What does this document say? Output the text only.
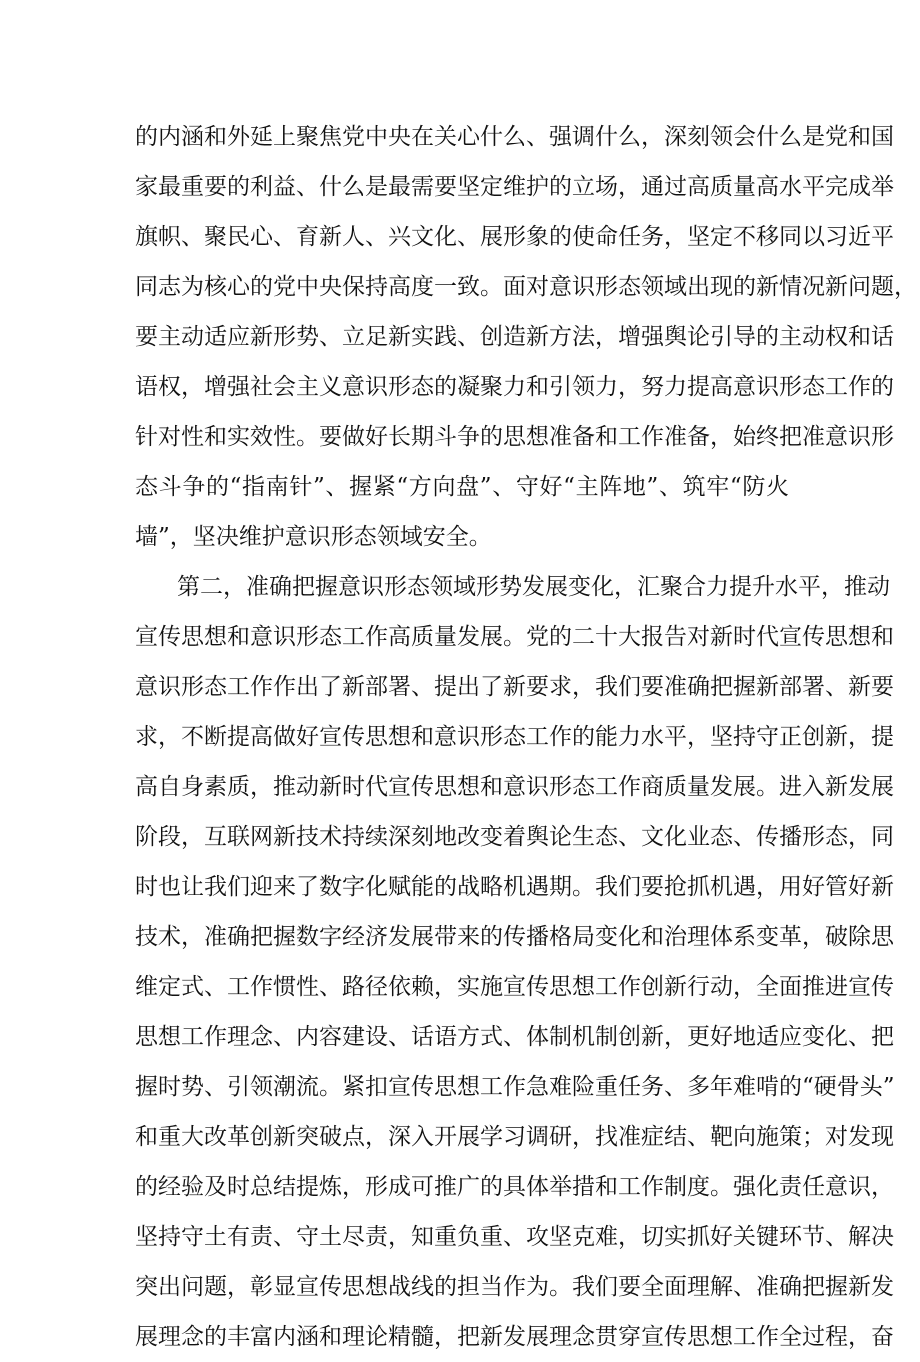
的内涵和外延上聚焦党中央在关心什么、强调什么，深刻领会什么是党和国
家最重要的利益、什么是最需要坚定维护的立场，通过高质量高水平完成举
旗帜、聚民心、育新人、兴文化、展形象的使命任务，坚定不移同以习近平
同志为核心的党中央保持高度一致。面对意识形态领域出现的新情况新问题，
要主动适应新形势、立足新实践、创造新方法，增强舆论引导的主动权和话
语权，增强社会主义意识形态的凝聚力和引领力，努力提高意识形态工作的
针对性和实效性。要做好长期斗争的思想准备和工作准备，始终把准意识形
态斗争的“指南针”、握紧“方向盘”、守好“主阵地”、筑牢“防火
墙”，坚决维护意识形态领域安全。
第二，准确把握意识形态领域形势发展变化，汇聚合力提升水平，推动
宣传思想和意识形态工作高质量发展。党的二十大报告对新时代宣传思想和
意识形态工作作出了新部署、提出了新要求，我们要准确把握新部署、新要
求，不断提高做好宣传思想和意识形态工作的能力水平，坚持守正创新，提
高自身素质，推动新时代宣传思想和意识形态工作商质量发展。进入新发展
阶段，互联网新技术持续深刻地改变着舆论生态、文化业态、传播形态，同
时也让我们迎来了数字化赋能的战略机遇期。我们要抢抓机遇，用好管好新
技术，准确把握数字经济发展带来的传播格局变化和治理体系变革，破除思
维定式、工作惯性、路径依赖，实施宣传思想工作创新行动，全面推进宣传
思想工作理念、内容建设、话语方式、体制机制创新，更好地适应变化、把
握时势、引领潮流。紧扣宣传思想工作急难险重任务、多年难啃的“硬骨头”
和重大改革创新突破点，深入开展学习调研，找准症结、靶向施策；对发现
的经验及时总结提炼，形成可推广的具体举措和工作制度。强化责任意识，
坚持守土有责、守土尽责，知重负重、攻坚克难，切实抓好关键环节、解决
突出问题，彰显宣传思想战线的担当作为。我们要全面理解、准确把握新发
展理念的丰富内涵和理论精髓，把新发展理念贯穿宣传思想工作全过程，奋
